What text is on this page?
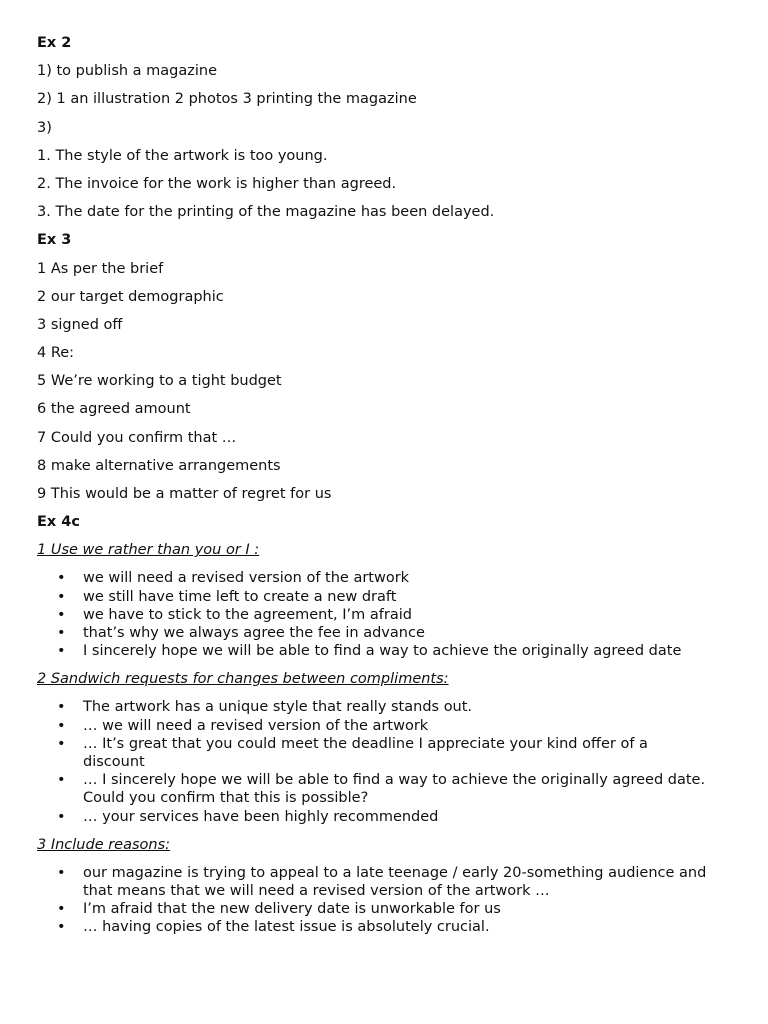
Ex 2

1) to publish a magazine

2) 1 an illustration 2 photos 3 printing the magazine

3)

1. The style of the artwork is too young.

2. The invoice for the work is higher than agreed.

3. The date for the printing of the magazine has been delayed.

Ex 3

1 As per the brief

2 our target demographic

3 signed off

4 Re:

5 We’re working to a tight budget

6 the agreed amount

7 Could you confirm that …

8 make alternative arrangements

9 This would be a matter of regret for us

Ex 4c

1 Use we rather than you or I :

• we will need a revised version of the artwork
• we still have time left to create a new draft
• we have to stick to the agreement, I’m afraid
• that’s why we always agree the fee in advance
• I sincerely hope we will be able to find a way to achieve the originally agreed date

2 Sandwich requests for changes between compliments:

• The artwork has a unique style that really stands out.
• … we will need a revised version of the artwork
• … It’s great that you could meet the deadline I appreciate your kind offer of a discount
• … I sincerely hope we will be able to find a way to achieve the originally agreed date. Could you confirm that this is possible?
• … your services have been highly recommended

3 Include reasons:

• our magazine is trying to appeal to a late teenage / early 20-something audience and that means that we will need a revised version of the artwork …
• I’m afraid that the new delivery date is unworkable for us
• … having copies of the latest issue is absolutely crucial.
